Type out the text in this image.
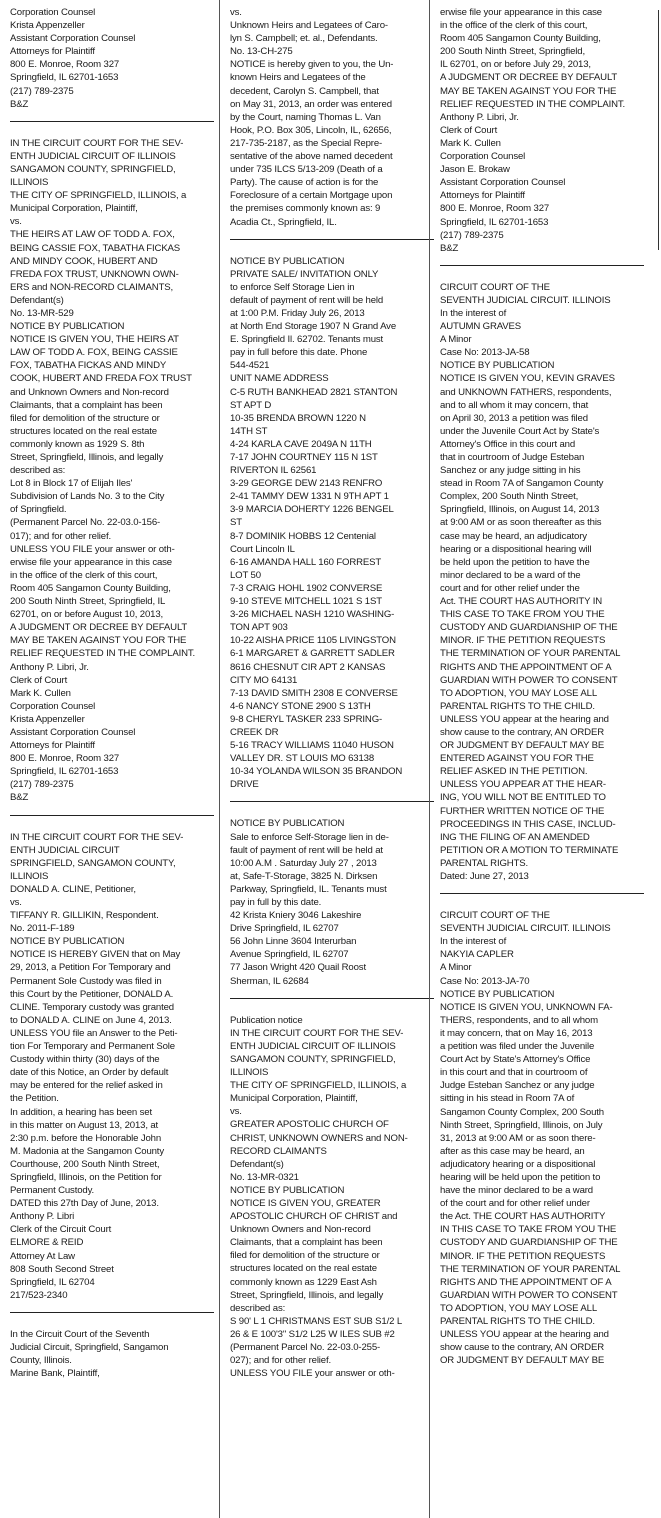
Corporation Counsel
Krista Appenzeller
Assistant Corporation Counsel
Attorneys for Plaintiff
800 E. Monroe, Room 327
Springfield, IL 62701-1653
(217) 789-2375
B&Z
IN THE CIRCUIT COURT FOR THE SEV-
ENTH JUDICIAL CIRCUIT OF ILLINOIS
SANGAMON COUNTY, SPRINGFIELD,
ILLINOIS
THE CITY OF SPRINGFIELD, ILLINOIS, a
Municipal Corporation, Plaintiff,
vs.
THE HEIRS AT LAW OF TODD A. FOX,
BEING CASSIE FOX, TABATHA FICKAS
AND MINDY COOK, HUBERT AND
FREDA FOX TRUST, UNKNOWN OWN-
ERS and NON-RECORD CLAIMANTS,
Defendant(s)
No. 13-MR-529
NOTICE BY PUBLICATION
NOTICE IS GIVEN YOU, THE HEIRS AT
LAW OF TODD A. FOX, BEING CASSIE
FOX, TABATHA FICKAS AND MINDY
COOK, HUBERT AND FREDA FOX TRUST
and Unknown Owners and Non-record
Claimants, that a complaint has been
filed for demolition of the structure or
structures located on the real estate
commonly known as 1929 S. 8th
Street, Springfield, Illinois, and legally
described as:
Lot 8 in Block 17 of Elijah Iles'
Subdivision of Lands No. 3 to the City
of Springfield.
(Permanent Parcel No. 22-03.0-156-
017); and for other relief.
UNLESS YOU FILE your answer or oth-
erwise file your appearance in this case
in the office of the clerk of this court,
Room 405 Sangamon County Building,
200 South Ninth Street, Springfield, IL
62701, on or before August 10, 2013,
A JUDGMENT OR DECREE BY DEFAULT
MAY BE TAKEN AGAINST YOU FOR THE
RELIEF REQUESTED IN THE COMPLAINT.
Anthony P. Libri, Jr.
Clerk of Court
Mark K. Cullen
Corporation Counsel
Krista Appenzeller
Assistant Corporation Counsel
Attorneys for Plaintiff
800 E. Monroe, Room 327
Springfield, IL 62701-1653
(217) 789-2375
B&Z
IN THE CIRCUIT COURT FOR THE SEV-
ENTH JUDICIAL CIRCUIT
SPRINGFIELD, SANGAMON COUNTY,
ILLINOIS
DONALD A. CLINE, Petitioner,
vs.
TIFFANY R. GILLIKIN, Respondent.
No. 2011-F-189
NOTICE BY PUBLICATION
NOTICE IS HEREBY GIVEN that on May
29, 2013, a Petition For Temporary and
Permanent Sole Custody was filed in
this Court by the Petitioner, DONALD A.
CLINE. Temporary custody was granted
to DONALD A. CLINE on June 4, 2013.
UNLESS YOU file an Answer to the Peti-
tion For Temporary and Permanent Sole
Custody within thirty (30) days of the
date of this Notice, an Order by default
may be entered for the relief asked in
the Petition.
In addition, a hearing has been set
in this matter on August 13, 2013, at
2:30 p.m. before the Honorable John
M. Madonia at the Sangamon County
Courthouse, 200 South Ninth Street,
Springfield, Illinois, on the Petition for
Permanent Custody.
DATED this 27th Day of June, 2013.
Anthony P. Libri
Clerk of the Circuit Court
ELMORE & REID
Attorney At Law
808 South Second Street
Springfield, IL 62704
217/523-2340
In the Circuit Court of the Seventh
Judicial Circuit, Springfield, Sangamon
County, Illinois.
Marine Bank, Plaintiff,
vs.
Unknown Heirs and Legatees of Caro-
lyn S. Campbell; et. al., Defendants.
No. 13-CH-275
NOTICE is hereby given to you, the Un-
known Heirs and Legatees of the
decedent, Carolyn S. Campbell, that
on May 31, 2013, an order was entered
by the Court, naming Thomas L. Van
Hook, P.O. Box 305, Lincoln, IL, 62656,
217-735-2187, as the Special Repre-
sentative of the above named decedent
under 735 ILCS 5/13-209 (Death of a
Party). The cause of action is for the
Foreclosure of a certain Mortgage upon
the premises commonly known as: 9
Acadia Ct., Springfield, IL.
NOTICE BY PUBLICATION
PRIVATE SALE/ INVITATION ONLY
to enforce Self Storage Lien in
default of payment of rent will be held
at 1:00 P.M. Friday July 26, 2013
at North End Storage 1907 N Grand Ave
E. Springfield Il. 62702. Tenants must
pay in full before this date. Phone
544-4521
UNIT NAME ADDRESS
C-5 RUTH BANKHEAD 2821 STANTON
ST APT D
10-35 BRENDA BROWN 1220 N
14TH ST
4-24 KARLA CAVE 2049A N 11TH
7-17 JOHN COURTNEY 115 N 1ST
RIVERTON IL 62561
3-29 GEORGE DEW 2143 RENFRO
2-41 TAMMY DEW 1331 N 9TH APT 1
3-9 MARCIA DOHERTY 1226 BENGEL
ST
8-7 DOMINIK HOBBS 12 Centenial
Court Lincoln IL
6-16 AMANDA HALL 160 FORREST
LOT 50
7-3 CRAIG HOHL 1902 CONVERSE
9-10 STEVE MITCHELL 1021 S 1ST
3-26 MICHAEL NASH 1210 WASHING-
TON APT 903
10-22 AISHA PRICE 1105 LIVINGSTON
6-1 MARGARET & GARRETT SADLER
8616 CHESNUT CIR APT 2 KANSAS
CITY MO 64131
7-13 DAVID SMITH 2308 E CONVERSE
4-6 NANCY STONE 2900 S 13TH
9-8 CHERYL TASKER 233 SPRING-
CREEK DR
5-16 TRACY WILLIAMS 11040 HUSON
VALLEY DR. ST LOUIS MO 63138
10-34 YOLANDA WILSON 35 BRANDON
DRIVE
NOTICE BY PUBLICATION
Sale to enforce Self-Storage lien in de-
fault of payment of rent will be held at
10:00 A.M . Saturday July 27 , 2013
at, Safe-T-Storage, 3825 N. Dirksen
Parkway, Springfield, IL. Tenants must
pay in full by this date.
42 Krista Kniery 3046 Lakeshire
Drive Springfield, IL 62707
56 John Linne 3604 Interurban
Avenue Springfield, IL 62707
77 Jason Wright 420 Quail Roost
Sherman, IL 62684
Publication notice
IN THE CIRCUIT COURT FOR THE SEV-
ENTH JUDICIAL CIRCUIT OF ILLINOIS
SANGAMON COUNTY, SPRINGFIELD,
ILLINOIS
THE CITY OF SPRINGFIELD, ILLINOIS, a
Municipal Corporation, Plaintiff,
vs.
GREATER APOSTOLIC CHURCH OF
CHRIST, UNKNOWN OWNERS and NON-
RECORD CLAIMANTS
Defendant(s)
No. 13-MR-0321
NOTICE BY PUBLICATION
NOTICE IS GIVEN YOU, GREATER
APOSTOLIC CHURCH OF CHRIST and
Unknown Owners and Non-record
Claimants, that a complaint has been
filed for demolition of the structure or
structures located on the real estate
commonly known as 1229 East Ash
Street, Springfield, Illinois, and legally
described as:
S 90' L 1 CHRISTMANS EST SUB S1/2 L
26 & E 100'3" S1/2 L25 W ILES SUB #2
(Permanent Parcel No. 22-03.0-255-
027); and for other relief.
UNLESS YOU FILE your answer or oth-
erwise file your appearance in this case
in the office of the clerk of this court,
Room 405 Sangamon County Building,
200 South Ninth Street, Springfield,
IL 62701, on or before July 29, 2013,
A JUDGMENT OR DECREE BY DEFAULT
MAY BE TAKEN AGAINST YOU FOR THE
RELIEF REQUESTED IN THE COMPLAINT.
Anthony P. Libri, Jr.
Clerk of Court
Mark K. Cullen
Corporation Counsel
Jason E. Brokaw
Assistant Corporation Counsel
Attorneys for Plaintiff
800 E. Monroe, Room 327
Springfield, IL 62701-1653
(217) 789-2375
B&Z
CIRCUIT COURT OF THE
SEVENTH JUDICIAL CIRCUIT. ILLINOIS
In the interest of
AUTUMN GRAVES
A Minor
Case No: 2013-JA-58
NOTICE BY PUBLICATION
NOTICE IS GIVEN YOU, KEVIN GRAVES
and UNKNOWN FATHERS, respondents,
and to all whom it may concern, that
on April 30, 2013 a petition was filed
under the Juvenile Court Act by State's
Attorney's Office in this court and
that in courtroom of Judge Esteban
Sanchez or any judge sitting in his
stead in Room 7A of Sangamon County
Complex, 200 South Ninth Street,
Springfield, Illinois, on August 14, 2013
at 9:00 AM or as soon thereafter as this
case may be heard, an adjudicatory
hearing or a dispositional hearing will
be held upon the petition to have the
minor declared to be a ward of the
court and for other relief under the
Act. THE COURT HAS AUTHORITY IN
THIS CASE TO TAKE FROM YOU THE
CUSTODY AND GUARDIANSHIP OF THE
MINOR. IF THE PETITION REQUESTS
THE TERMINATION OF YOUR PARENTAL
RIGHTS AND THE APPOINTMENT OF A
GUARDIAN WITH POWER TO CONSENT
TO ADOPTION, YOU MAY LOSE ALL
PARENTAL RIGHTS TO THE CHILD.
UNLESS YOU appear at the hearing and
show cause to the contrary, AN ORDER
OR JUDGMENT BY DEFAULT MAY BE
ENTERED AGAINST YOU FOR THE
RELIEF ASKED IN THE PETITION.
UNLESS YOU APPEAR AT THE HEAR-
ING, YOU WILL NOT BE ENTITLED TO
FURTHER WRITTEN NOTICE OF THE
PROCEEDINGS IN THIS CASE, INCLUD-
ING THE FILING OF AN AMENDED
PETITION OR A MOTION TO TERMINATE
PARENTAL RIGHTS.
Dated: June 27, 2013
CIRCUIT COURT OF THE
SEVENTH JUDICIAL CIRCUIT. ILLINOIS
In the interest of
NAKYIA CAPLER
A Minor
Case No: 2013-JA-70
NOTICE BY PUBLICATION
NOTICE IS GIVEN YOU, UNKNOWN FA-
THERS, respondents, and to all whom
it may concern, that on May 16, 2013
a petition was filed under the Juvenile
Court Act by State's Attorney's Office
in this court and that in courtroom of
Judge Esteban Sanchez or any judge
sitting in his stead in Room 7A of
Sangamon County Complex, 200 South
Ninth Street, Springfield, Illinois, on July
31, 2013 at 9:00 AM or as soon there-
after as this case may be heard, an
adjudicatory hearing or a dispositional
hearing will be held upon the petition to
have the minor declared to be a ward
of the court and for other relief under
the Act. THE COURT HAS AUTHORITY
IN THIS CASE TO TAKE FROM YOU THE
CUSTODY AND GUARDIANSHIP OF THE
MINOR. IF THE PETITION REQUESTS
THE TERMINATION OF YOUR PARENTAL
RIGHTS AND THE APPOINTMENT OF A
GUARDIAN WITH POWER TO CONSENT
TO ADOPTION, YOU MAY LOSE ALL
PARENTAL RIGHTS TO THE CHILD.
UNLESS YOU appear at the hearing and
show cause to the contrary, AN ORDER
OR JUDGMENT BY DEFAULT MAY BE
